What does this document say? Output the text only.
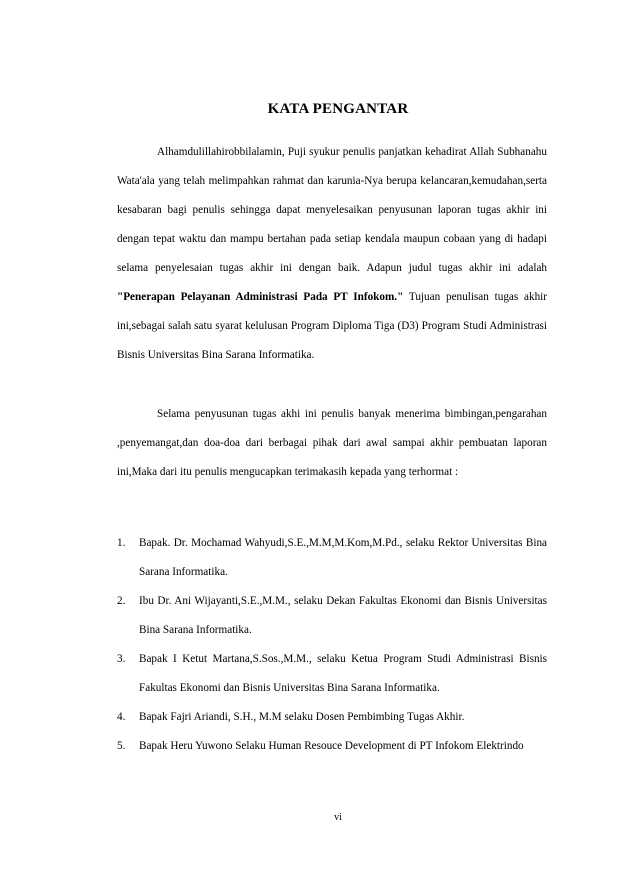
KATA PENGANTAR

Alhamdulillahirobbilalamin, Puji syukur penulis panjatkan kehadirat Allah Subhanahu Wata'ala yang telah melimpahkan rahmat dan karunia-Nya berupa kelancaran,kemudahan,serta kesabaran bagi penulis sehingga dapat menyelesaikan penyusunan laporan tugas akhir ini dengan tepat waktu dan mampu bertahan pada setiap kendala maupun cobaan yang di hadapi selama penyelesaian tugas akhir ini dengan baik. Adapun judul tugas akhir ini adalah "Penerapan Pelayanan Administrasi Pada PT Infokom." Tujuan penulisan tugas akhir ini,sebagai salah satu syarat kelulusan Program Diploma Tiga (D3) Program Studi Administrasi Bisnis Universitas Bina Sarana Informatika.

Selama penyusunan tugas akhi ini penulis banyak menerima bimbingan,pengarahan ,penyemangat,dan doa-doa dari berbagai pihak dari awal sampai akhir pembuatan laporan ini,Maka dari itu penulis mengucapkan terimakasih kepada yang terhormat :

1. Bapak. Dr. Mochamad Wahyudi,S.E.,M.M,M.Kom,M.Pd., selaku Rektor Universitas Bina Sarana Informatika.
2. Ibu Dr. Ani Wijayanti,S.E.,M.M., selaku Dekan Fakultas Ekonomi dan Bisnis Universitas Bina Sarana Informatika.
3. Bapak I Ketut Martana,S.Sos.,M.M., selaku Ketua Program Studi Administrasi Bisnis Fakultas Ekonomi dan Bisnis Universitas Bina Sarana Informatika.
4. Bapak Fajri Ariandi, S.H., M.M selaku Dosen Pembimbing Tugas Akhir.
5. Bapak Heru Yuwono Selaku Human Resouce Development di PT Infokom Elektrindo
vi
